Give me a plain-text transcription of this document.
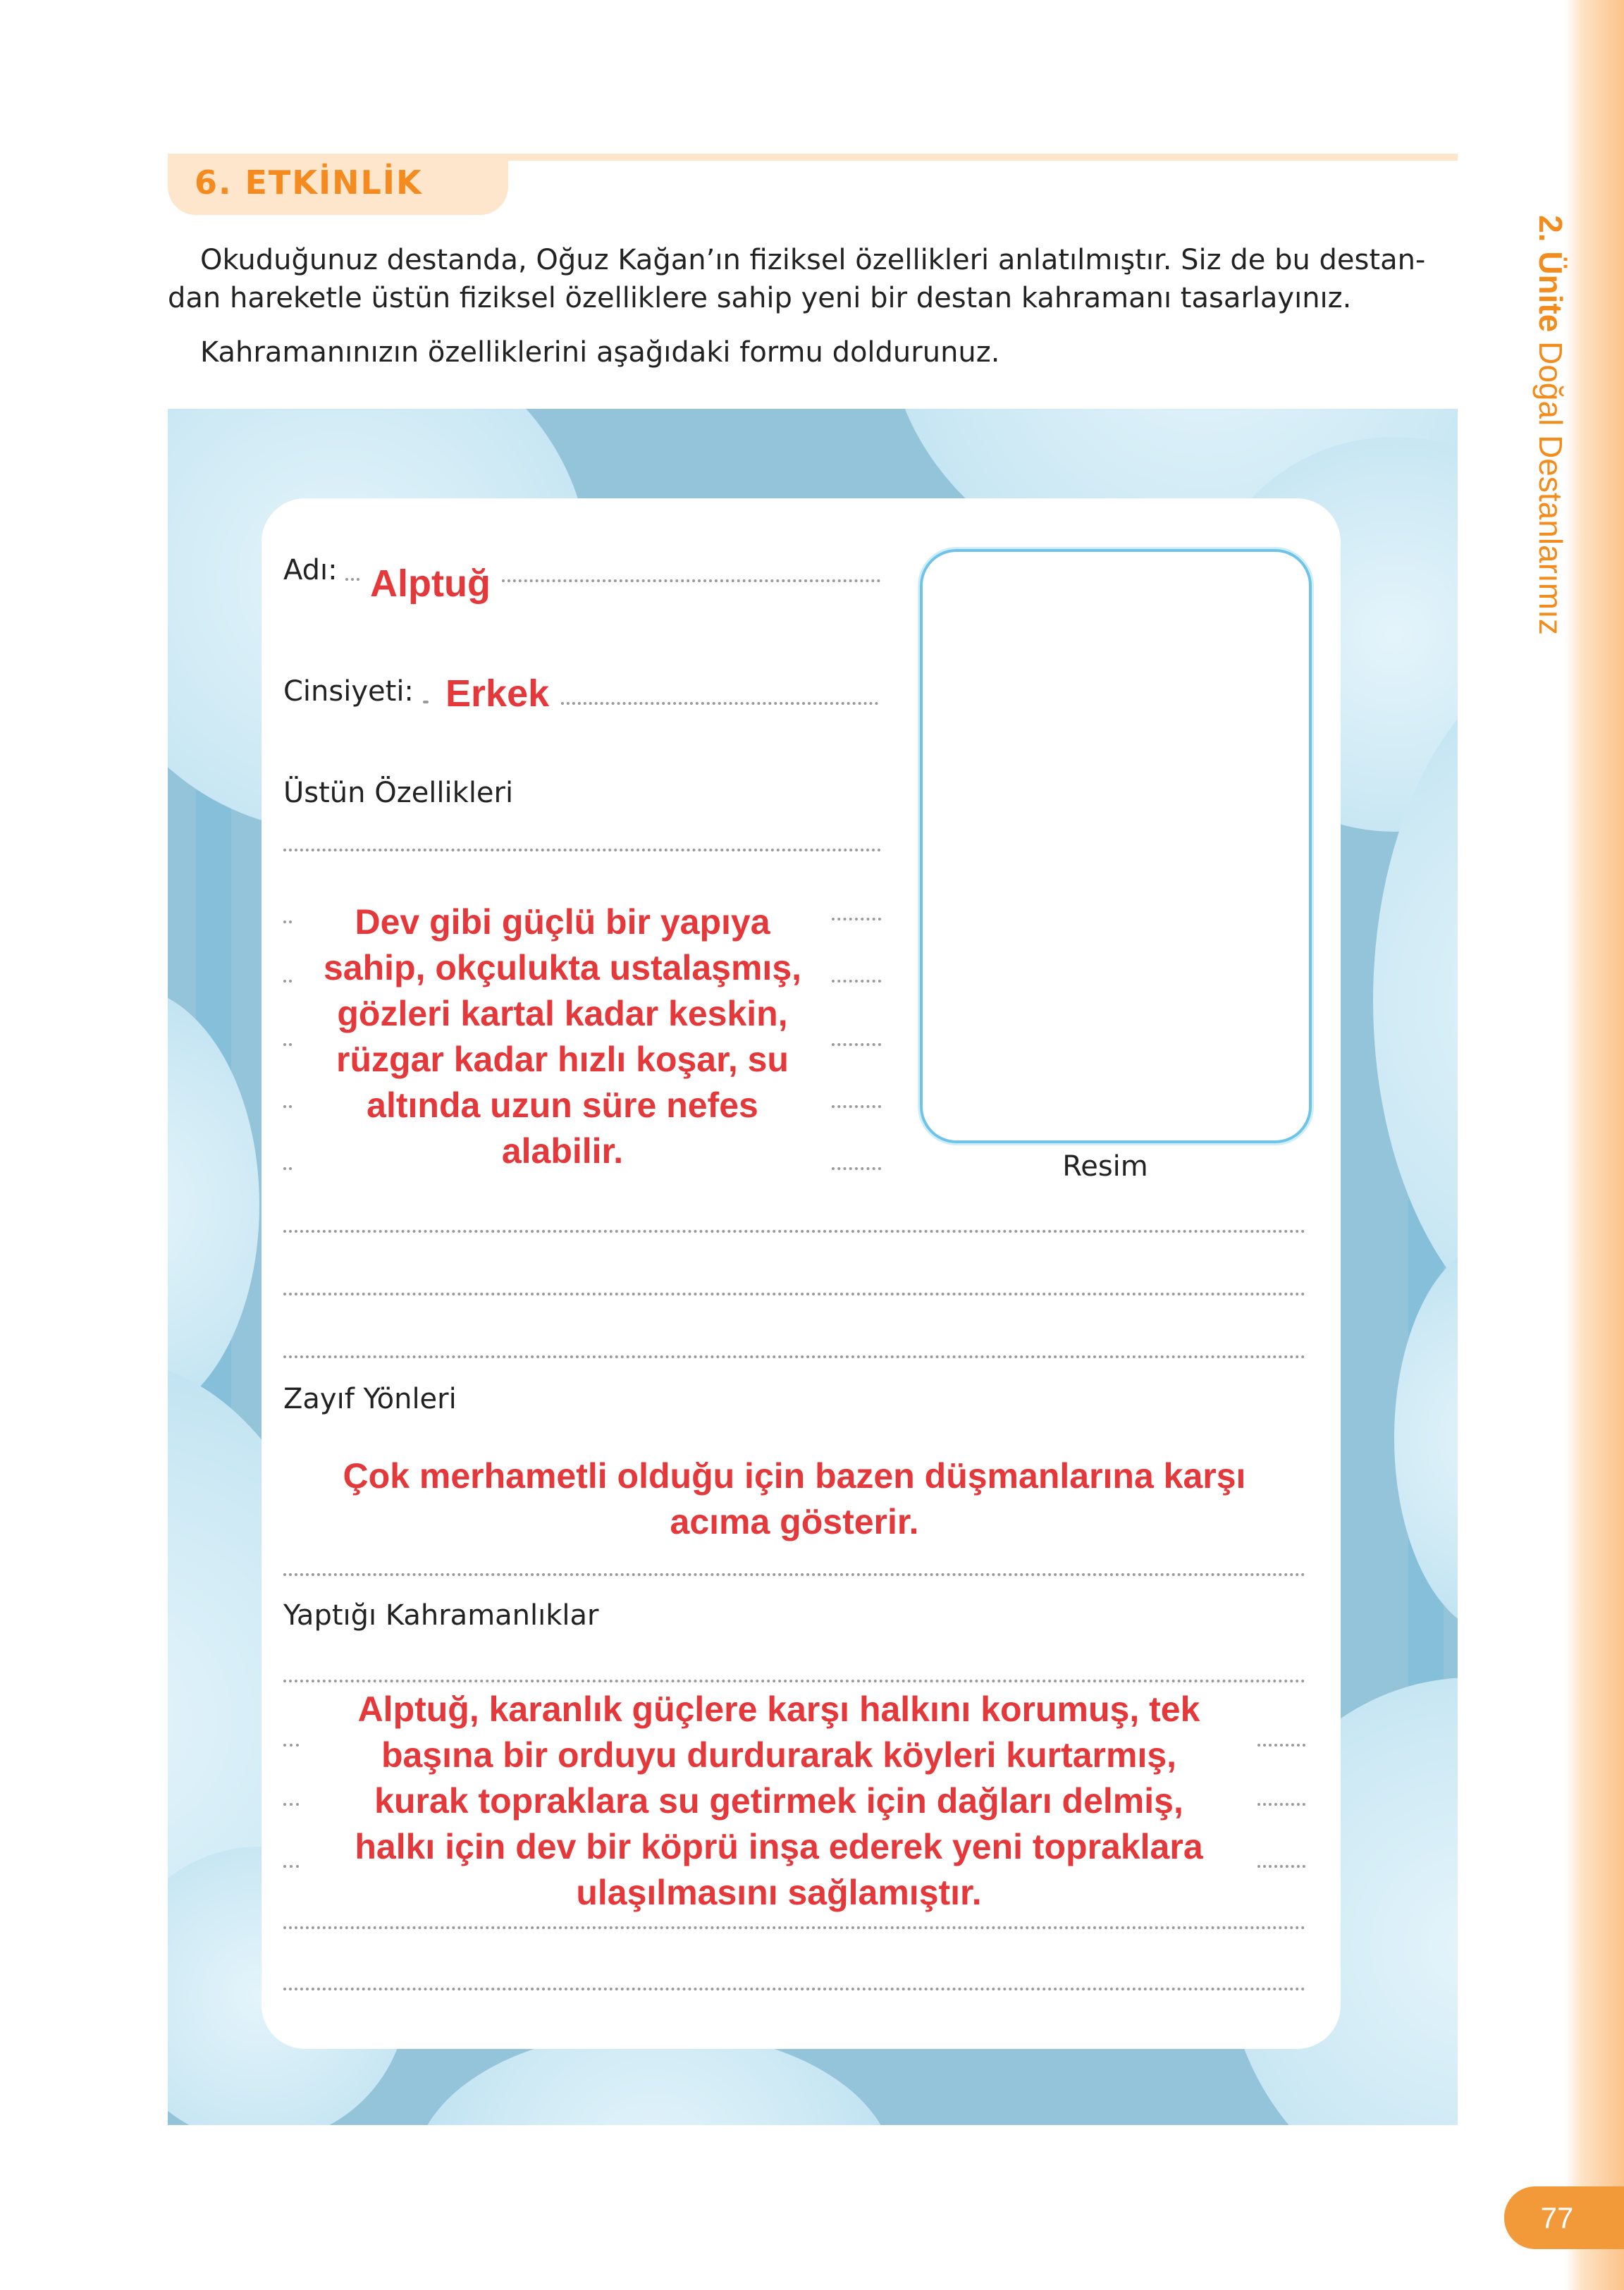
2. Ünite Doğal Destanlarımız
77
6. ETKİNLİK
Okuduğunuz destanda, Oğuz Kağan’ın fiziksel özellikleri anlatılmıştır. Siz de bu destan-
dan hareketle üstün fiziksel özelliklere sahip yeni bir destan kahramanı tasarlayınız.
Kahramanınızın özelliklerini aşağıdaki formu doldurunuz.
Resim
Adı: Alptuğ
Cinsiyeti: Erkek
Üstün Özellikleri
Dev gibi güçlü bir yapıya
sahip, okçulukta ustalaşmış,
gözleri kartal kadar keskin,
rüzgar kadar hızlı koşar, su
altında uzun süre nefes
alabilir.
Zayıf Yönleri
Çok merhametli olduğu için bazen düşmanlarına karşı
acıma gösterir.
Yaptığı Kahramanlıklar
Alptuğ, karanlık güçlere karşı halkını korumuş, tek
başına bir orduyu durdurarak köyleri kurtarmış,
kurak topraklara su getirmek için dağları delmiş,
halkı için dev bir köprü inşa ederek yeni topraklara
ulaşılmasını sağlamıştır.
